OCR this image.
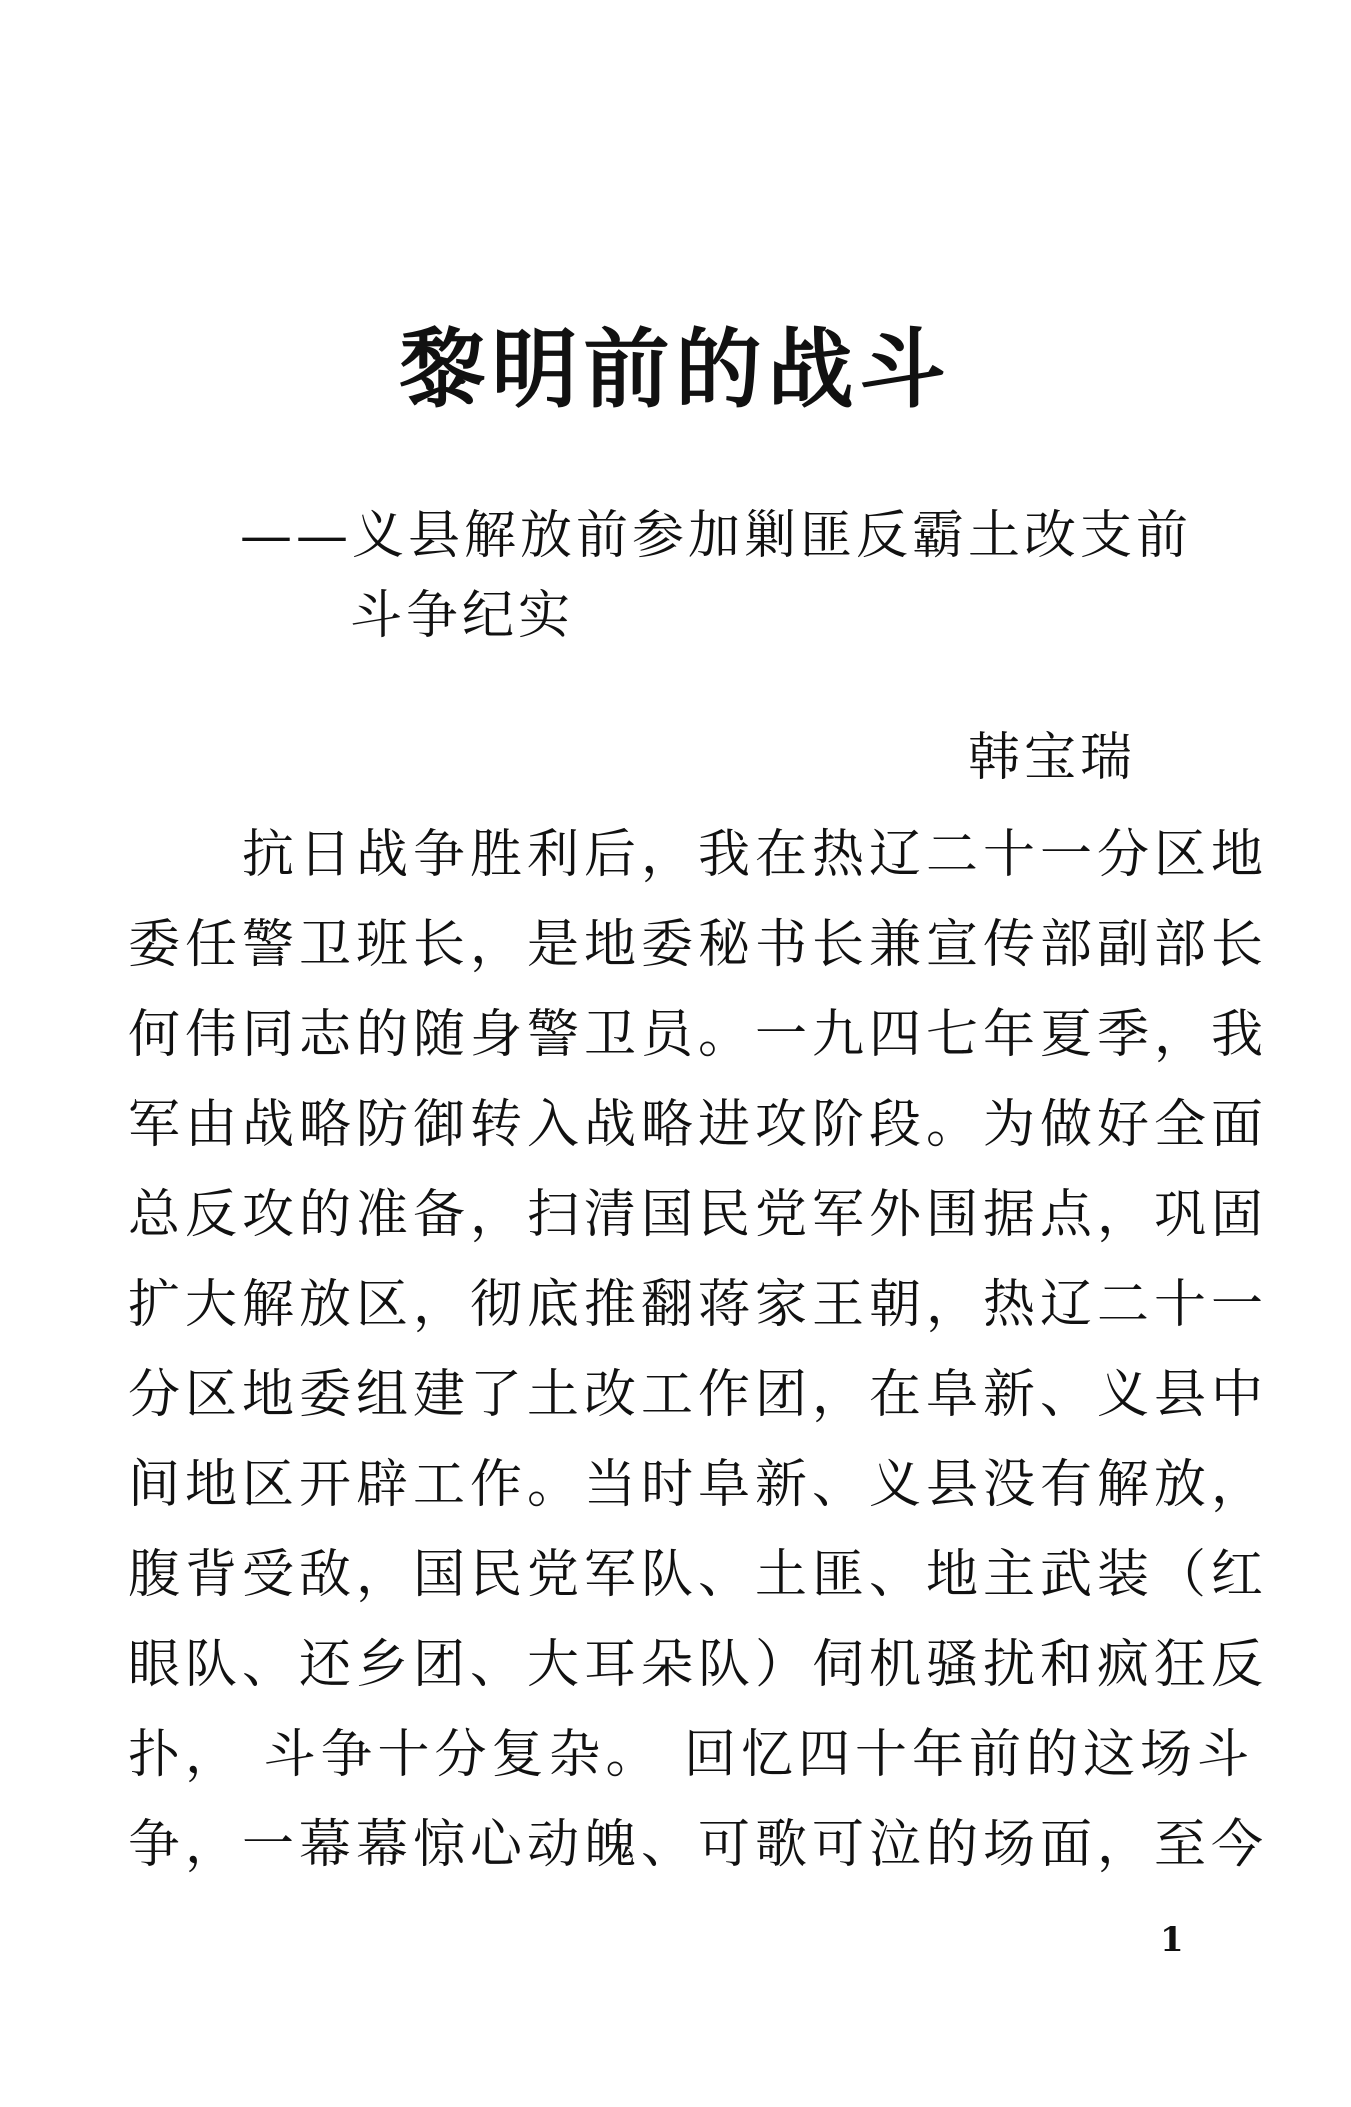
黎明前的战斗
——义县解放前参加剿匪反霸土改支前
斗争纪实
韩宝瑞
　　抗日战争胜利后，我在热辽二十一分区地
委任警卫班长，是地委秘书长兼宣传部副部长
何伟同志的随身警卫员。一九四七年夏季，我
军由战略防御转入战略进攻阶段。为做好全面
总反攻的准备，扫清国民党军外围据点，巩固
扩大解放区，彻底推翻蒋家王朝，热辽二十一
分区地委组建了土改工作团，在阜新、义县中
间地区开辟工作。当时阜新、义县没有解放，
腹背受敌，国民党军队、土匪、地主武装（红
眼队、还乡团、大耳朵队）伺机骚扰和疯狂反
扑， 斗争十分复杂。 回忆四十年前的这场斗
争，一幕幕惊心动魄、可歌可泣的场面，至今
1
